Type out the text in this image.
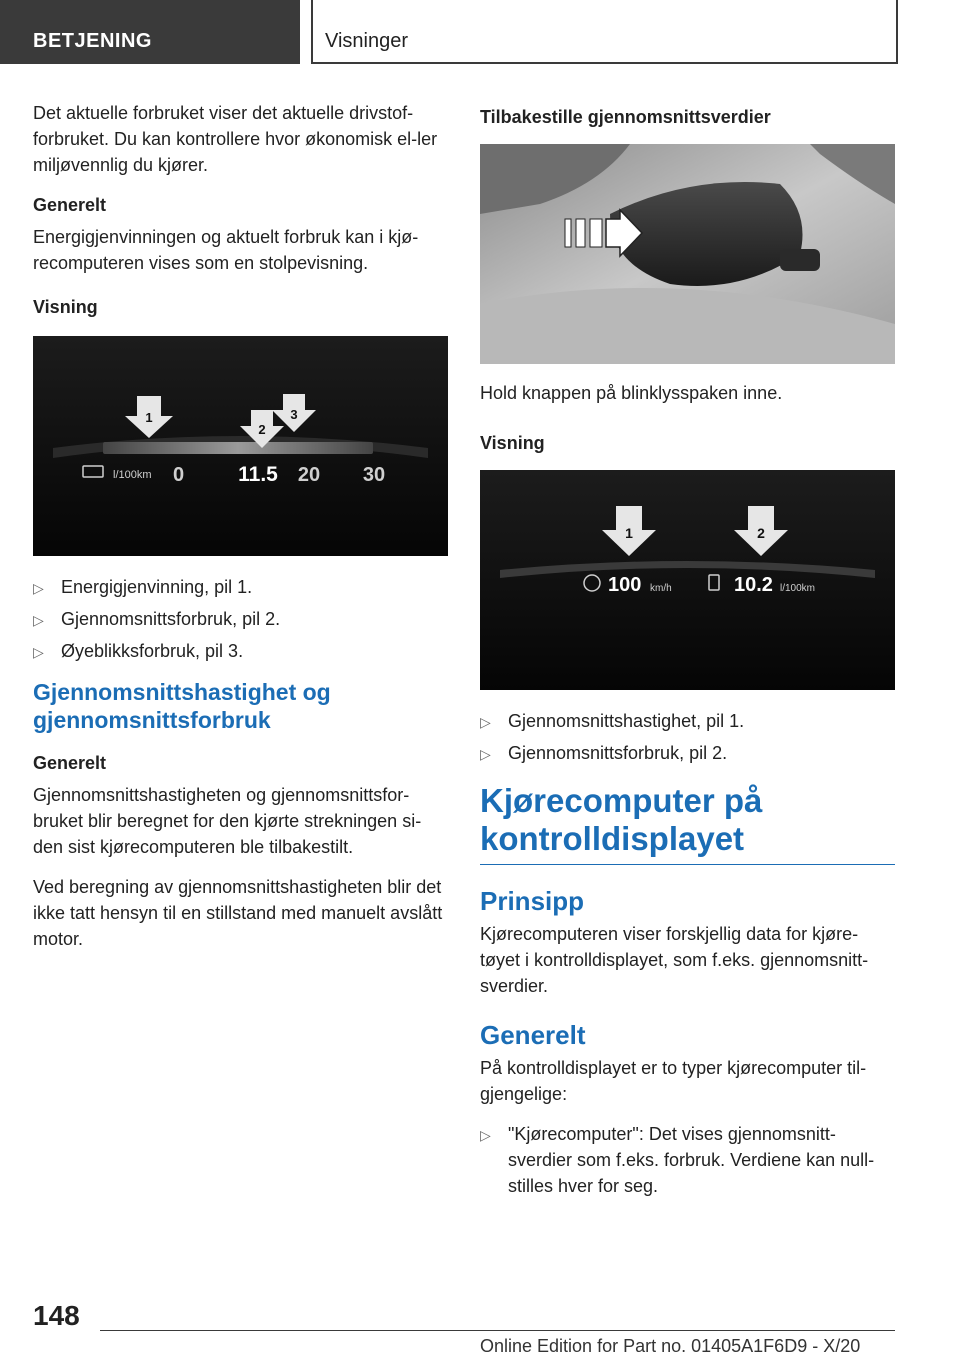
BETJENING	Visninger

Det aktuelle forbruket viser det aktuelle drivstof-forbruket. Du kan kontrollere hvor økonomisk el-ler miljøvennlig du kjører.

Generelt

Energigjenvinningen og aktuelt forbruk kan i kjø-recomputeren vises som en stolpevisning.

Visning
1
2
3
l/100km 0	11.5 20 30
▷ Energigjenvinning, pil 1.
▷ Gjennomsnittsforbruk, pil 2.
▷ Øyeblikksforbruk, pil 3.
Gjennomsnittshastighet og gjennomsnittsforbruk
Generelt

Gjennomsnittshastigheten og gjennomsnittsfor-bruket blir beregnet for den kjørte strekningen si-den sist kjørecomputeren ble tilbakestilt.

Ved beregning av gjennomsnittshastigheten blir det ikke tatt hensyn til en stillstand med manuelt avslått motor.

Tilbakestille gjennomsnittsverdier

Hold knappen på blinklysspaken inne.

Visning
1	2
100 km/h	10.2 l/100km
▷ Gjennomsnittshastighet, pil 1.
▷ Gjennomsnittsforbruk, pil 2.
Kjørecomputer på kontrolldisplayet
Prinsipp

Kjørecomputeren viser forskjellig data for kjøre-tøyet i kontrolldisplayet, som f.eks. gjennomsnitt-sverdier.

Generelt

På kontrolldisplayet er to typer kjørecomputer til-gjengelige:

▷ "Kjørecomputer": Det vises gjennomsnitt-sverdier som f.eks. forbruk. Verdiene kan null-stilles hver for seg.
148
Online Edition for Part no. 01405A1F6D9 - X/20
